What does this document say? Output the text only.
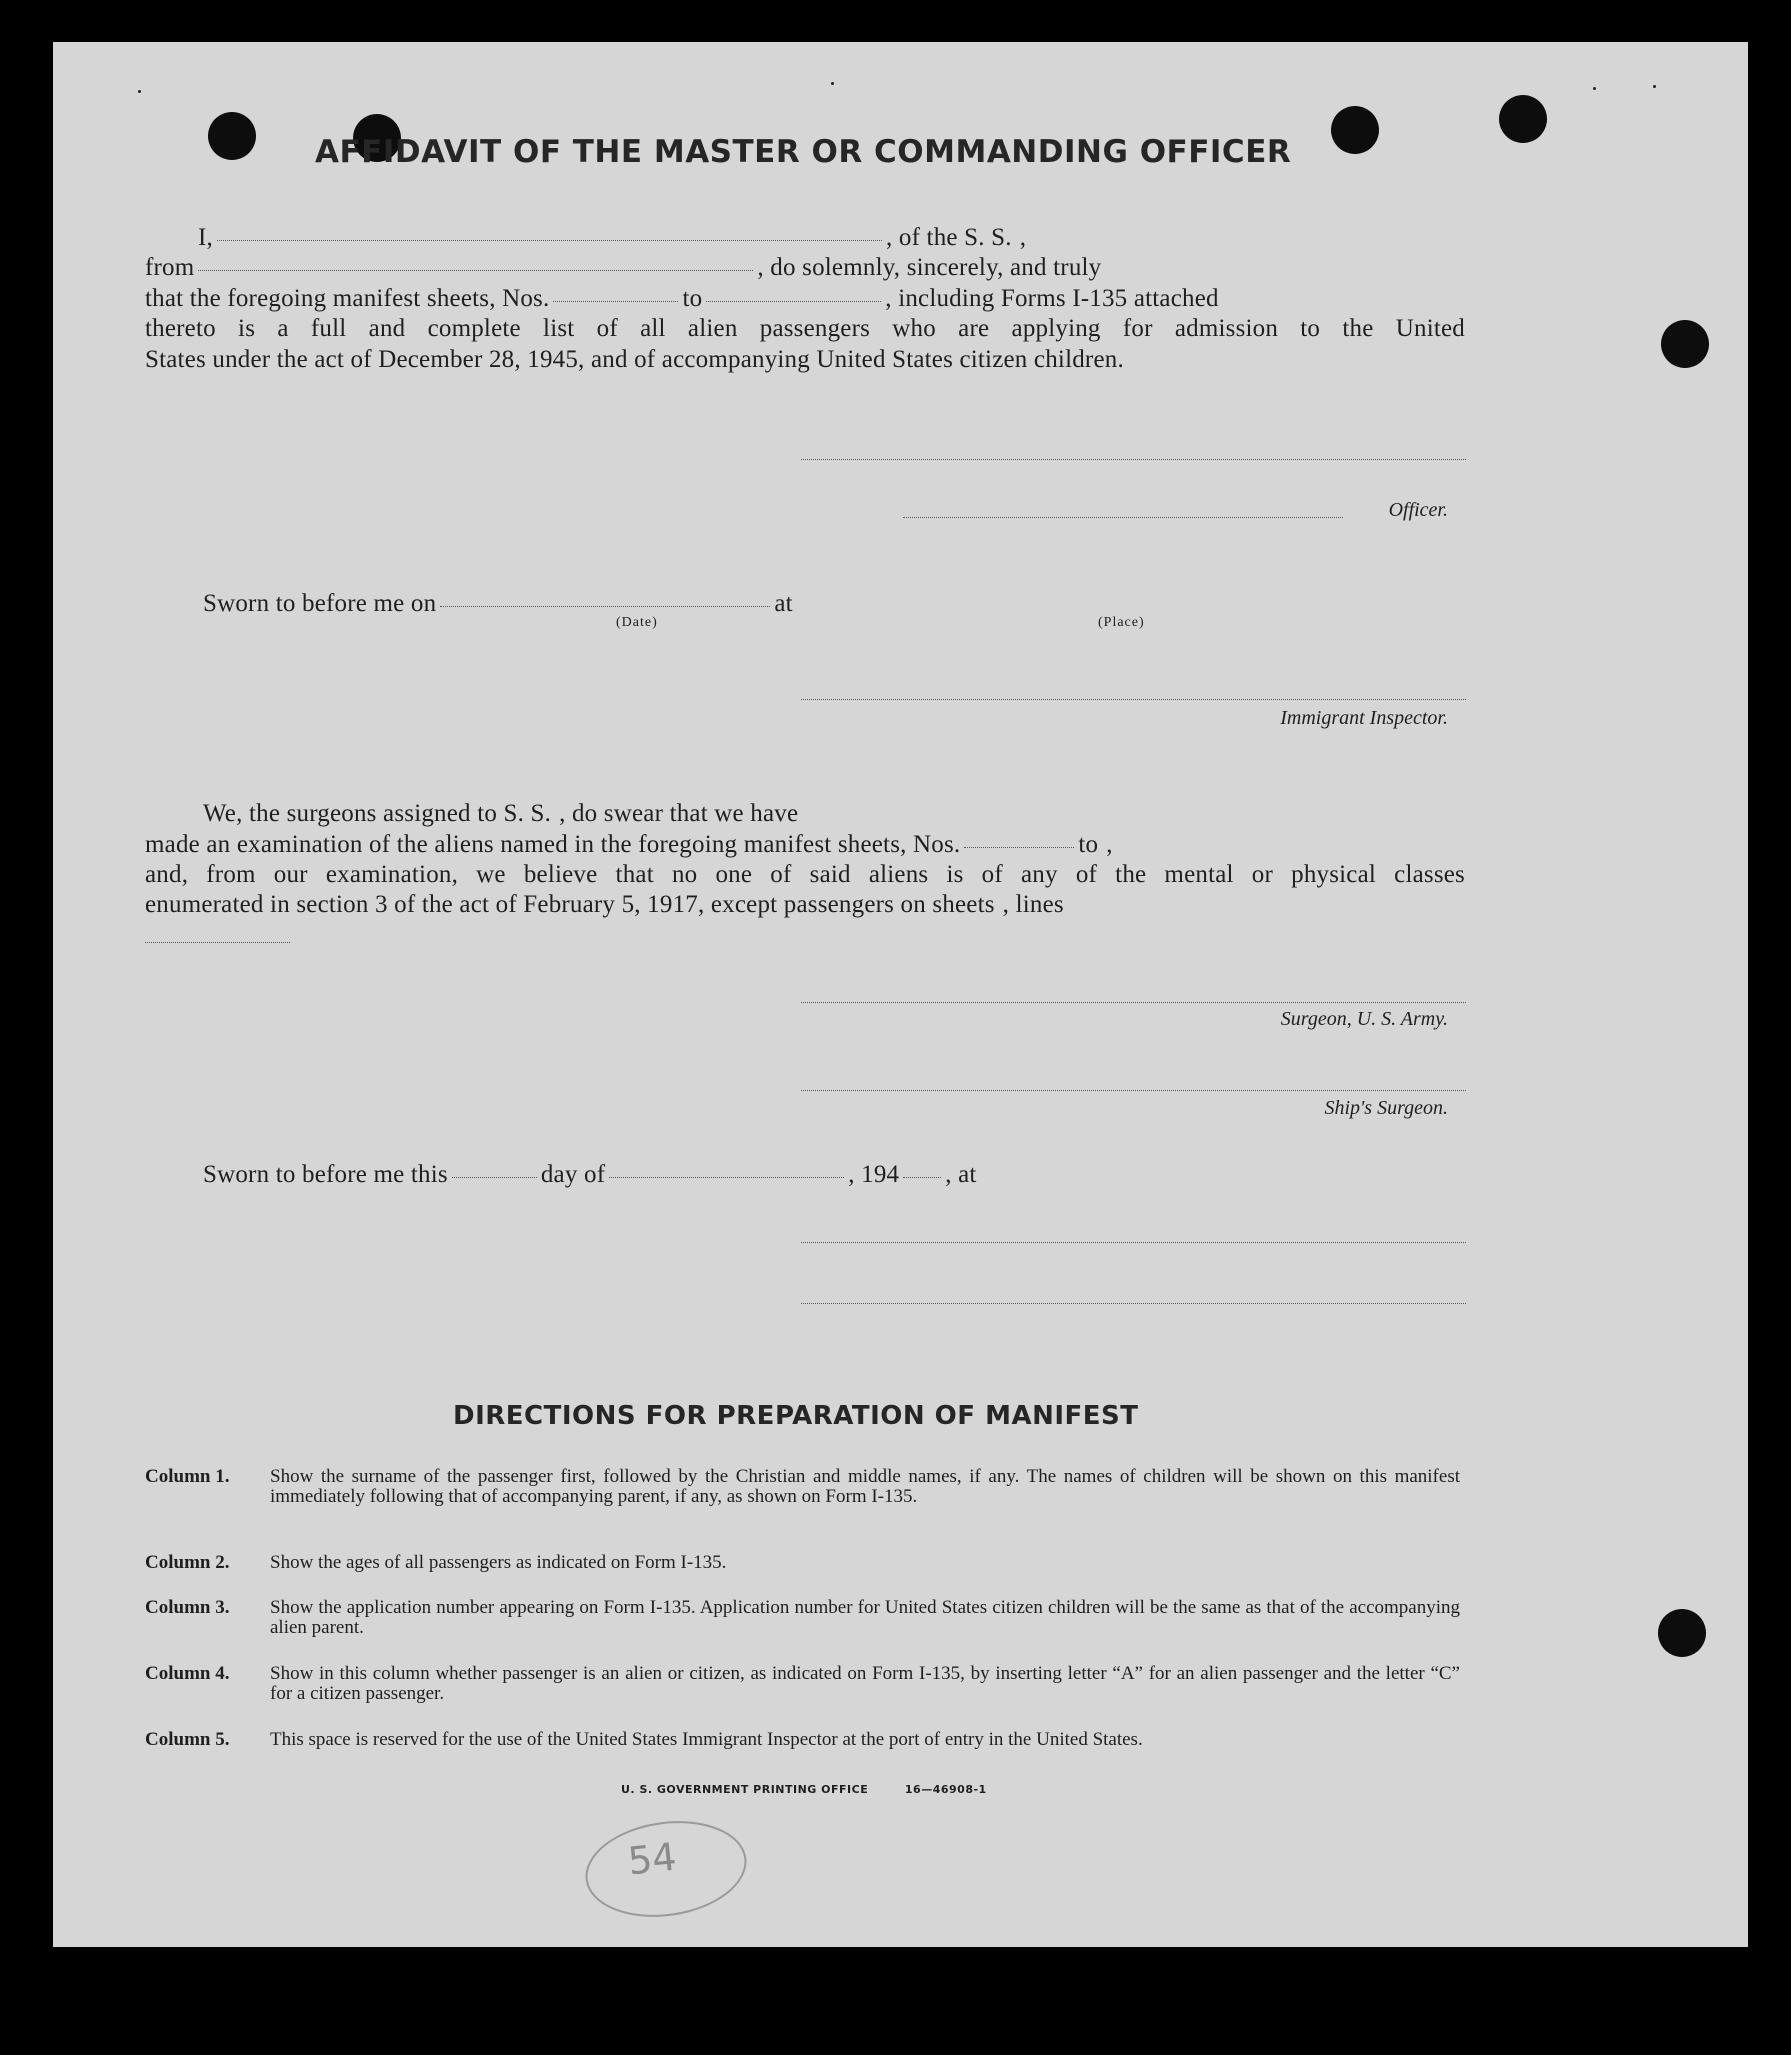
AFFIDAVIT OF THE MASTER OR COMMANDING OFFICER
I,	, of the S. S. ,
from	, do solemnly, sincerely, and truly
that the foregoing manifest sheets, Nos.	to	, including Forms I-135 attached
thereto is a full and complete list of all alien passengers who are applying for admission to the United
States under the act of December 28, 1945, and of accompanying United States citizen children.
Officer.
Sworn to before me on	at
(Date)	(Place)
Immigrant Inspector.
We, the surgeons assigned to S. S. , do swear that we have
made an examination of the aliens named in the foregoing manifest sheets, Nos.	to ,
and, from our examination, we believe that no one of said aliens is of any of the mental or physical classes
enumerated in section 3 of the act of February 5, 1917, except passengers on sheets , lines
Surgeon, U. S. Army.
Ship's Surgeon.
Sworn to before me this	day of	, 194 , at
DIRECTIONS FOR PREPARATION OF MANIFEST
Column 1. Show the surname of the passenger first, followed by the Christian and middle names, if any. The names of children will be shown on this manifest immediately following that of accompanying parent, if any, as shown on Form I-135.
Column 2. Show the ages of all passengers as indicated on Form I-135.
Column 3. Show the application number appearing on Form I-135. Application number for United States citizen children will be the same as that of the accompanying alien parent.
Column 4. Show in this column whether passenger is an alien or citizen, as indicated on Form I-135, by inserting letter “A” for an alien passenger and the letter “C” for a citizen passenger.
Column 5. This space is reserved for the use of the United States Immigrant Inspector at the port of entry in the United States.
U. S. GOVERNMENT PRINTING OFFICE	16—46908-1
54
